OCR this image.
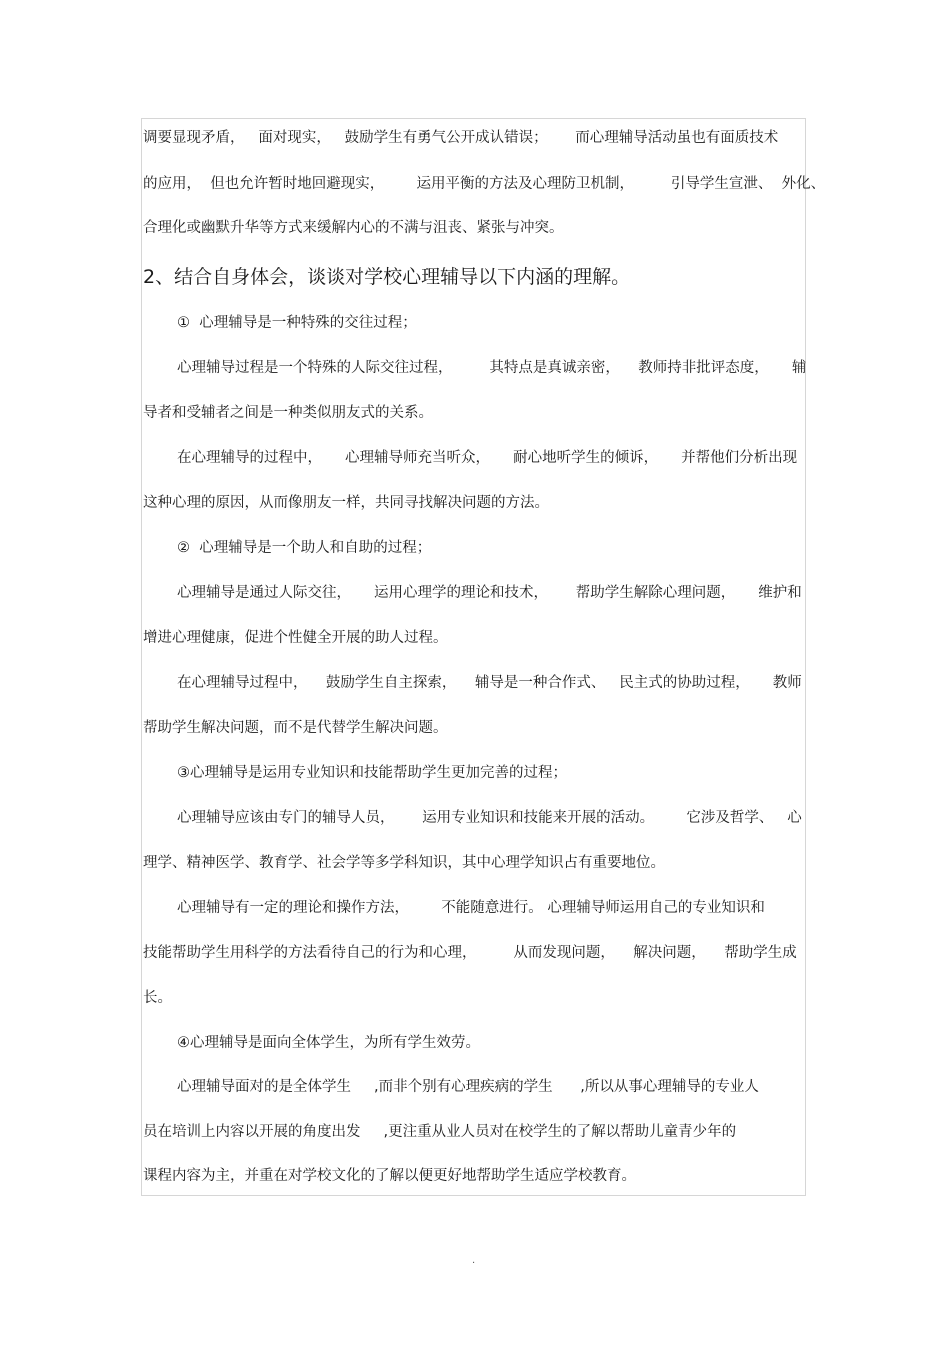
调要显现矛盾，   面对现实，   鼓励学生有勇气公开成认错误；      而心理辅导活动虽也有面质技术
的应用，  但也允许暂时地回避现实，       运用平衡的方法及心理防卫机制，        引导学生宣泄、  外化、
合理化或幽默升华等方式来缓解内心的不满与沮丧、紧张与冲突。
2、结合自身体会，谈谈对学校心理辅导以下内涵的理解。
①  心理辅导是一种特殊的交往过程；
心理辅导过程是一个特殊的人际交往过程，        其特点是真诚亲密，    教师持非批评态度，     辅
导者和受辅者之间是一种类似朋友式的关系。
在心理辅导的过程中，     心理辅导师充当听众，     耐心地听学生的倾诉，     并帮他们分析出现
这种心理的原因，从而像朋友一样，共同寻找解决问题的方法。
②  心理辅导是一个助人和自助的过程；
心理辅导是通过人际交往，     运用心理学的理论和技术，      帮助学生解除心理问题，     维护和
增进心理健康，促进个性健全开展的助人过程。
在心理辅导过程中，    鼓励学生自主探索，    辅导是一种合作式、   民主式的协助过程，     教师
帮助学生解决问题，而不是代替学生解决问题。
③心理辅导是运用专业知识和技能帮助学生更加完善的过程；
心理辅导应该由专门的辅导人员，      运用专业知识和技能来开展的活动。       它涉及哲学、   心
理学、精神医学、教育学、社会学等多学科知识，其中心理学知识占有重要地位。
心理辅导有一定的理论和操作方法，       不能随意进行。 心理辅导师运用自己的专业知识和
技能帮助学生用科学的方法看待自己的行为和心理，        从而发现问题，    解决问题，    帮助学生成
长。
④心理辅导是面向全体学生，为所有学生效劳。
心理辅导面对的是全体学生     ,而非个别有心理疾病的学生      ,所以从事心理辅导的专业人
员在培训上内容以开展的角度出发     ,更注重从业人员对在校学生的了解以帮助儿童青少年的
课程内容为主，并重在对学校文化的了解以便更好地帮助学生适应学校教育。
.
